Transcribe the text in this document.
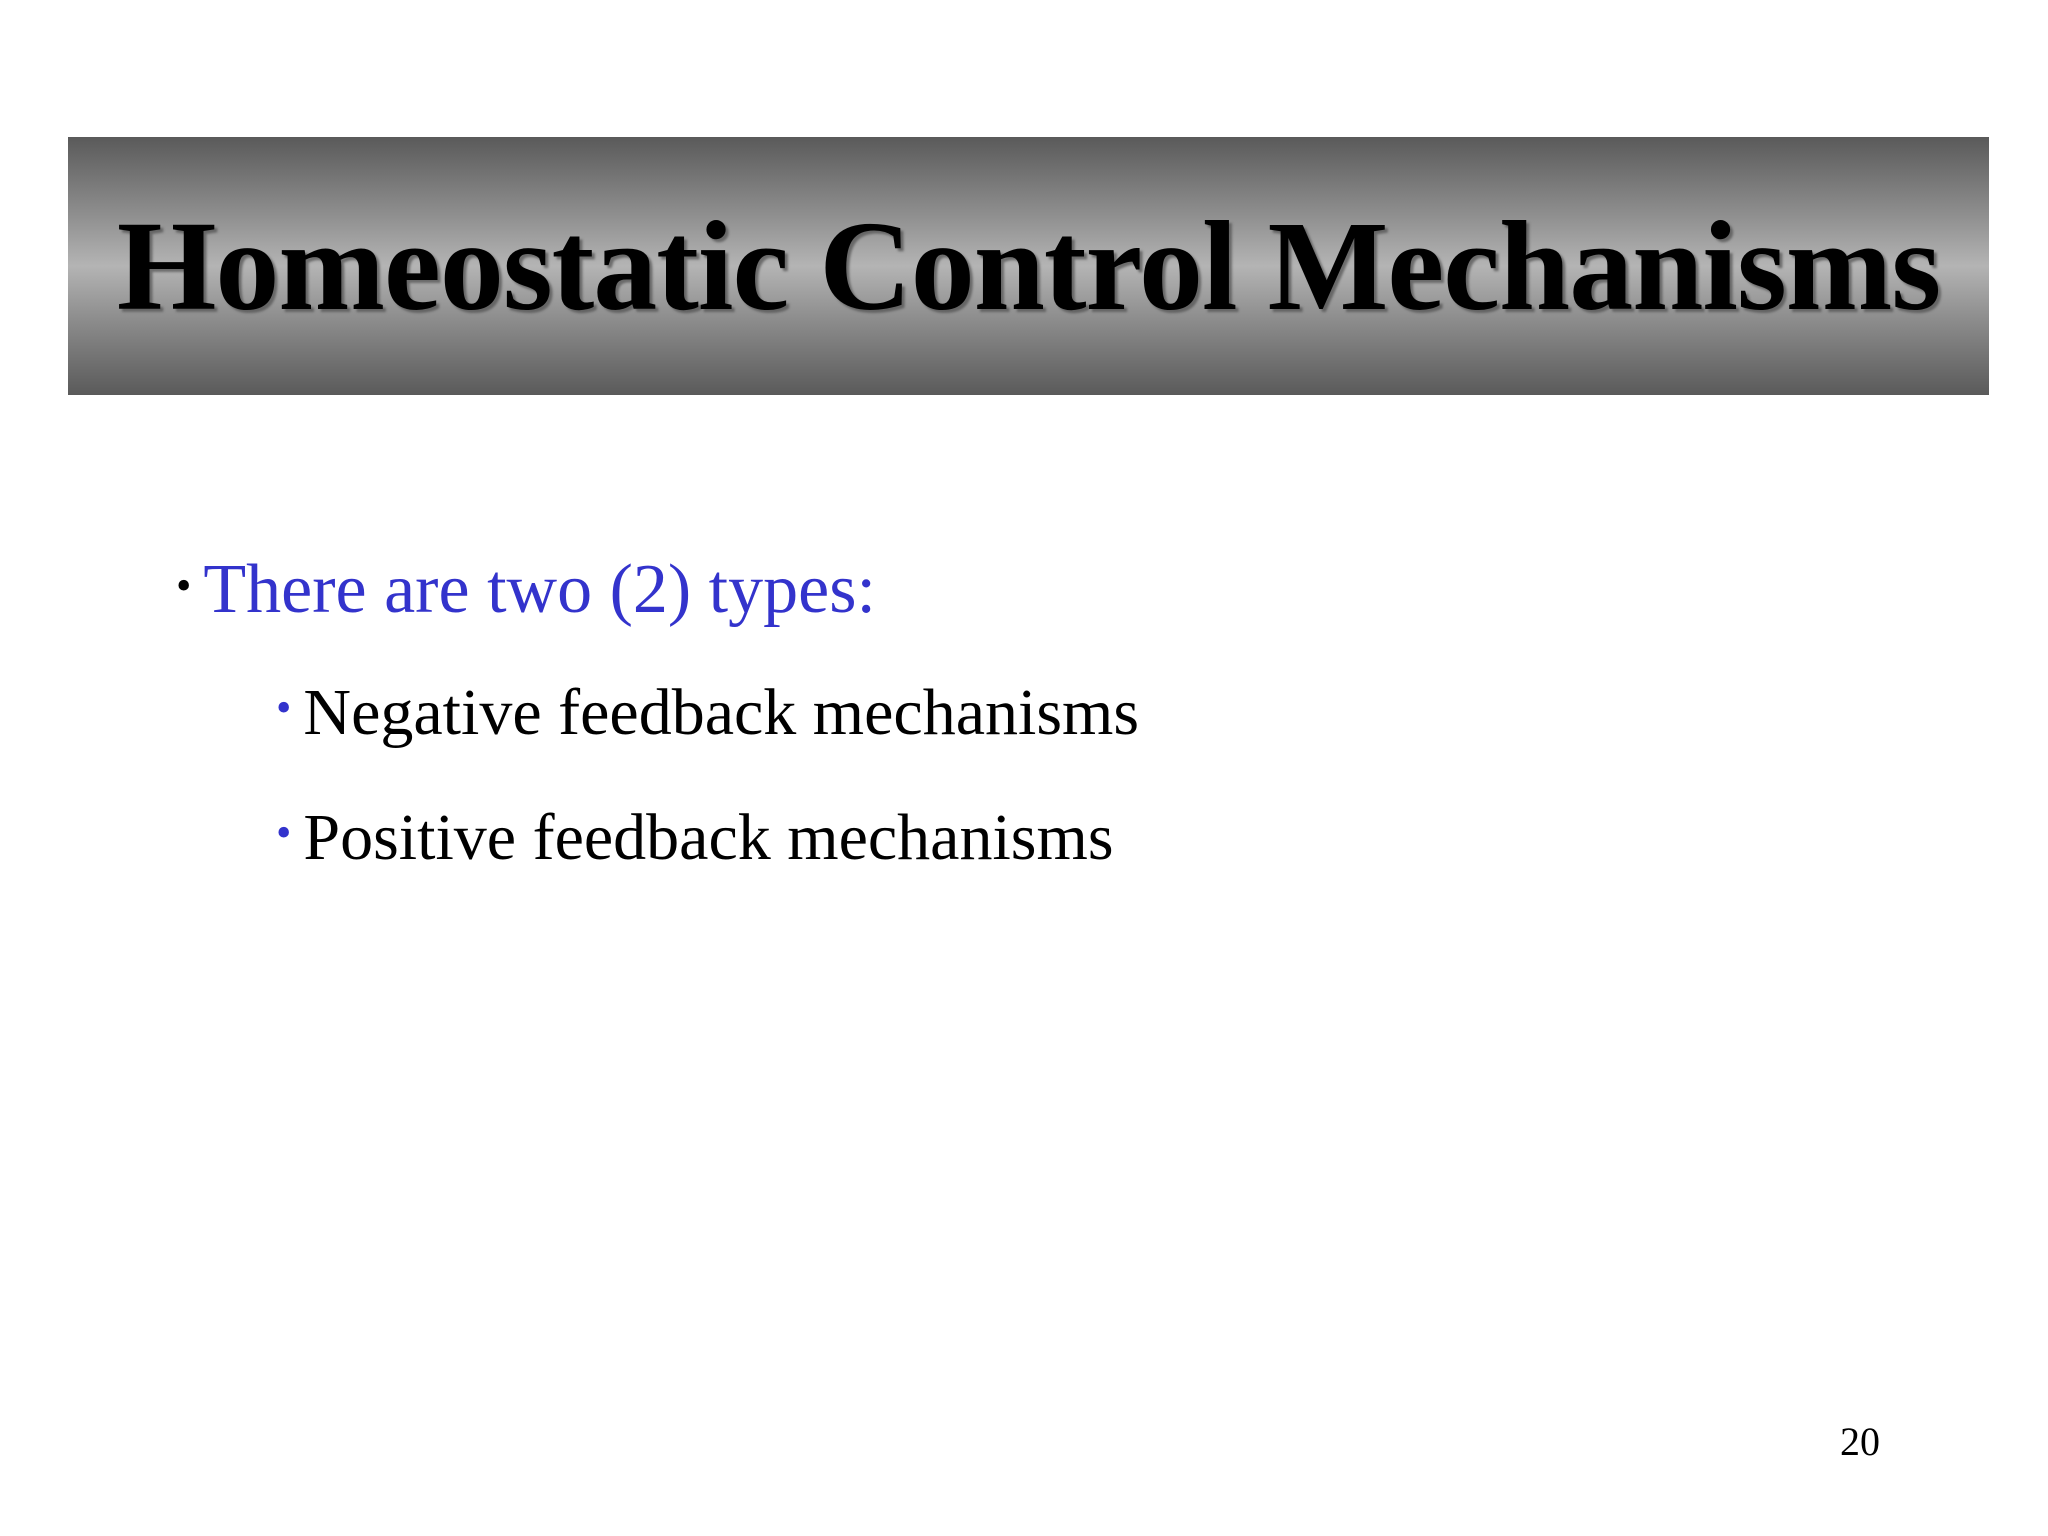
Homeostatic Control Mechanisms
• There are two (2) types:
• Negative feedback mechanisms
• Positive feedback mechanisms
20
